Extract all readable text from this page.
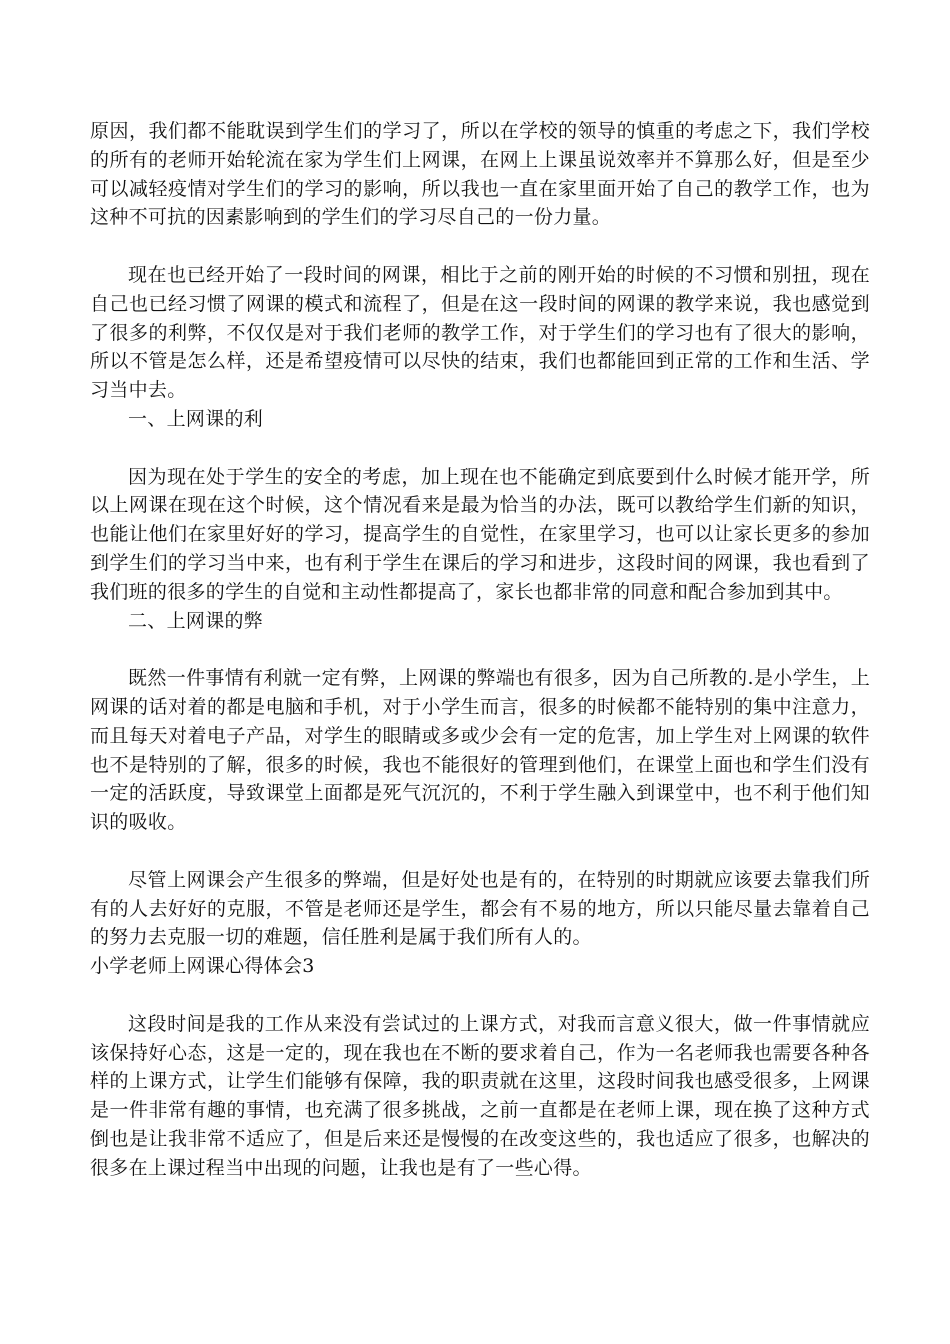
原因，我们都不能耽误到学生们的学习了，所以在学校的领导的慎重的考虑之下，我们学校的所有的老师开始轮流在家为学生们上网课，在网上上课虽说效率并不算那么好，但是至少可以减轻疫情对学生们的学习的影响，所以我也一直在家里面开始了自己的教学工作，也为这种不可抗的因素影响到的学生们的学习尽自己的一份力量。

现在也已经开始了一段时间的网课，相比于之前的刚开始的时候的不习惯和别扭，现在自己也已经习惯了网课的模式和流程了，但是在这一段时间的网课的教学来说，我也感觉到了很多的利弊，不仅仅是对于我们老师的教学工作，对于学生们的学习也有了很大的影响，所以不管是怎么样，还是希望疫情可以尽快的结束，我们也都能回到正常的工作和生活、学习当中去。

一、上网课的利

因为现在处于学生的安全的考虑，加上现在也不能确定到底要到什么时候才能开学，所以上网课在现在这个时候，这个情况看来是最为恰当的办法，既可以教给学生们新的知识，也能让他们在家里好好的学习，提高学生的自觉性，在家里学习，也可以让家长更多的参加到学生们的学习当中来，也有利于学生在课后的学习和进步，这段时间的网课，我也看到了我们班的很多的学生的自觉和主动性都提高了，家长也都非常的同意和配合参加到其中。

二、上网课的弊

既然一件事情有利就一定有弊，上网课的弊端也有很多，因为自己所教的.是小学生，上网课的话对着的都是电脑和手机，对于小学生而言，很多的时候都不能特别的集中注意力，而且每天对着电子产品，对学生的眼睛或多或少会有一定的危害，加上学生对上网课的软件也不是特别的了解，很多的时候，我也不能很好的管理到他们，在课堂上面也和学生们没有一定的活跃度，导致课堂上面都是死气沉沉的，不利于学生融入到课堂中，也不利于他们知识的吸收。

尽管上网课会产生很多的弊端，但是好处也是有的，在特别的时期就应该要去靠我们所有的人去好好的克服，不管是老师还是学生，都会有不易的地方，所以只能尽量去靠着自己的努力去克服一切的难题，信任胜利是属于我们所有人的。

小学老师上网课心得体会3

这段时间是我的工作从来没有尝试过的上课方式，对我而言意义很大，做一件事情就应该保持好心态，这是一定的，现在我也在不断的要求着自己，作为一名老师我也需要各种各样的上课方式，让学生们能够有保障，我的职责就在这里，这段时间我也感受很多，上网课是一件非常有趣的事情，也充满了很多挑战，之前一直都是在老师上课，现在换了这种方式倒也是让我非常不适应了，但是后来还是慢慢的在改变这些的，我也适应了很多，也解决的很多在上课过程当中出现的问题，让我也是有了一些心得。
